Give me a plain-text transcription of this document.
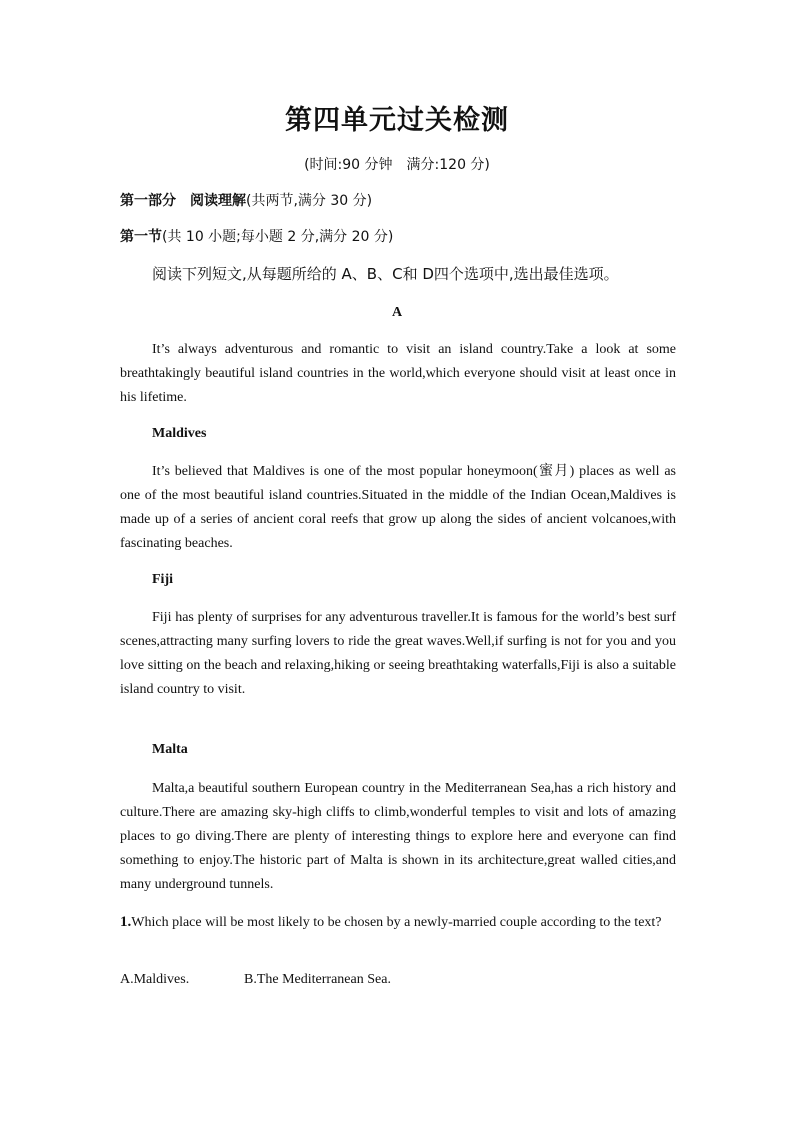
第四单元过关检测
(时间:90 分钟　满分:120 分)
第一部分　阅读理解(共两节,满分 30 分)
第一节(共 10 小题;每小题 2 分,满分 20 分)
阅读下列短文,从每题所给的 A、B、C和 D四个选项中,选出最佳选项。
A

It’s always adventurous and romantic to visit an island country.Take a look at some breathtakingly beautiful island countries in the world,which everyone should visit at least once in his lifetime.

Maldives

It’s believed that Maldives is one of the most popular honeymoon(蜜月) places as well as one of the most beautiful island countries.Situated in the middle of the Indian Ocean,Maldives is made up of a series of ancient coral reefs that grow up along the sides of ancient volcanoes,with fascinating beaches.

Fiji

Fiji has plenty of surprises for any adventurous traveller.It is famous for the world’s best surf scenes,attracting many surfing lovers to ride the great waves.Well,if surfing is not for you and you love sitting on the beach and relaxing,hiking or seeing breathtaking waterfalls,Fiji is also a suitable island country to visit.

Malta

Malta,a beautiful southern European country in the Mediterranean Sea,has a rich history and culture.There are amazing sky-high cliffs to climb,wonderful temples to visit and lots of amazing places to go diving.There are plenty of interesting things to explore here and everyone can find something to enjoy.The historic part of Malta is shown in its architecture,great walled cities,and many underground tunnels.

1.Which place will be most likely to be chosen by a newly-married couple according to the text?
A.Maldives.	B.The Mediterranean Sea.
